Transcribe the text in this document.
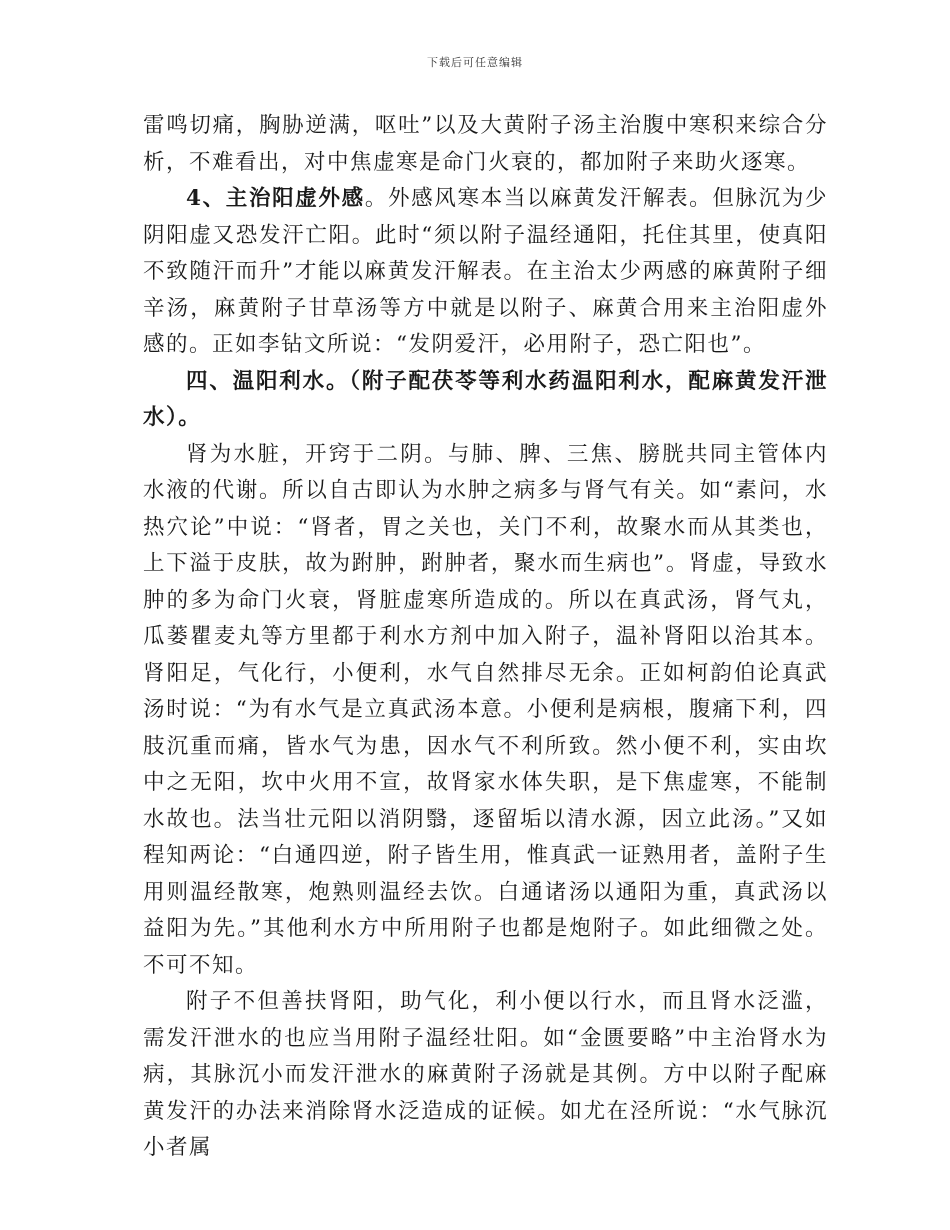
下载后可任意编辑

雷鸣切痛，胸胁逆满，呕吐”以及大黄附子汤主治腹中寒积来综合分析，不难看出，对中焦虚寒是命门火衰的，都加附子来助火逐寒。

4、主治阳虚外感。外感风寒本当以麻黄发汗解表。但脉沉为少阴阳虚又恐发汗亡阳。此时“须以附子温经通阳，托住其里，使真阳不致随汗而升”才能以麻黄发汗解表。在主治太少两感的麻黄附子细辛汤，麻黄附子甘草汤等方中就是以附子、麻黄合用来主治阳虚外感的。正如李钻文所说：“发阴爱汗，必用附子，恐亡阳也”。

四、温阳利水。（附子配茯苓等利水药温阳利水，配麻黄发汗泄水）。

肾为水脏，开窍于二阴。与肺、脾、三焦、膀胱共同主管体内水液的代谢。所以自古即认为水肿之病多与肾气有关。如“素问，水热穴论”中说：“肾者，胃之关也，关门不利，故聚水而从其类也，上下溢于皮肤，故为跗肿，跗肿者，聚水而生病也”。肾虚，导致水肿的多为命门火衰，肾脏虚寒所造成的。所以在真武汤，肾气丸，瓜蒌瞿麦丸等方里都于利水方剂中加入附子，温补肾阳以治其本。肾阳足，气化行，小便利，水气自然排尽无余。正如柯韵伯论真武汤时说：“为有水气是立真武汤本意。小便利是病根，腹痛下利，四肢沉重而痛，皆水气为患，因水气不利所致。然小便不利，实由坎中之无阳，坎中火用不宣，故肾家水体失职，是下焦虚寒，不能制水故也。法当壮元阳以消阴翳，逐留垢以清水源，因立此汤。”又如程知两论：“白通四逆，附子皆生用，惟真武一证熟用者，盖附子生用则温经散寒，炮熟则温经去饮。白通诸汤以通阳为重，真武汤以益阳为先。”其他利水方中所用附子也都是炮附子。如此细微之处。不可不知。

附子不但善扶肾阳，助气化，利小便以行水，而且肾水泛滥，需发汗泄水的也应当用附子温经壮阳。如“金匮要略”中主治肾水为病，其脉沉小而发汗泄水的麻黄附子汤就是其例。方中以附子配麻黄发汗的办法来消除肾水泛造成的证候。如尤在泾所说：“水气脉沉小者属
